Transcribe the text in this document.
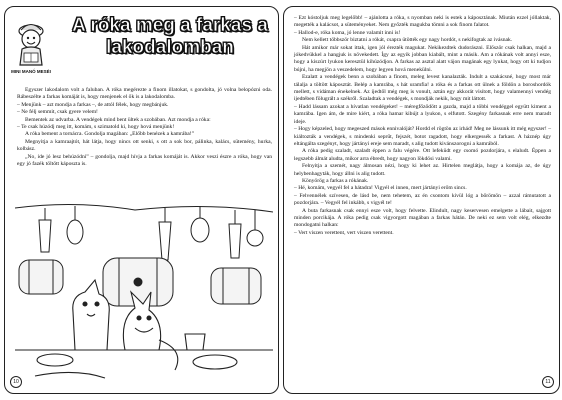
MINI MANÓ MESÉI
A róka meg a farkas a lakodalomban

Egyszer lakodalom volt a faluban. A róka megérezte a finom illatokat, s gondolta, jó volna belopózni oda. Rábeszélte a farkas komáját is, hogy menjenek el ők is a lakodalomba.

– Menjünk – azt mondja a farkas –, de attól félek, hogy megbánjuk.

– Ne félj semmit, csak gyere velem!

Bementek az udvarba. A vendégek mind bent ültek a szobában. Azt mondja a róka:

– Te csak húzódj meg itt, komám, s szimatold ki, hogy hová menjünk!

A róka bement a tornácra. Gondolja magában: „Előbb benézek a kamrába!”

Megnyitja a kamraajtót, hát látja, hogy nincs ott senki, s ott a sok bor, pálinka, kalács, sütemény, hurka, kolbász.

„No, ide jó lesz behúzódni” – gondolja, majd hívja a farkas komáját is. Akkor veszi észre a róka, hogy van egy jó fazék töltött káposzta is.

10

– Ezt kóstoljuk meg legelőbb! – ajánlotta a róka, s nyomban neki is estek a káposztának. Miután ezzel jóllaktak, megették a kalácsot, a süteményeket. Nem győzték magukba tömni a sok finom falatot.

– Hallod-e, róka koma, jó lenne valamit inni is!

Nem kellett többször biztatni a rókát, csapra ütötték egy nagy hordót, s nekifogtak az ivásnak.

Hát amikor már sokat ittak, igen jól érezték magukat. Nekikezdtek dudorászni. Először csak halkan, majd a jókedvükkel a hangjuk is növekedett. Így az egyik jobban kiabált, mint a másik. Am a rókának volt annyi esze, hogy a kiszúrt lyukon keresztül kihúzódjon. A farkas az asztal alatt vájon magának egy lyukat, hogy ott ki tudjon bújni, ha megjön a veszedelem, hogy legyen hová menekülni.

Ezalatt a vendégek benn a szobában a finom, meleg levest kanalazták. Indult a szakácsné, hogy most már tálalja a töltött káposztát. Belép a kamrába, s hát uramfia! a róka és a farkas ott ülnek a földön a boroshordók mellett, s vidáman énekelnek. Az ijedtől még meg is vonult, aztán egy akkorát visított, hogy valamennyi vendég ijedtében fölugrált a székről. Szaladtak a vendégek, s mondják nekik, hogy mit láttott.

– Hadd lássam azokat a hívatlan vendégeket! – méregfőződött a gazda, majd a többi vendéggel együtt kiment a kamrába. Igen ám, de mire kiért, a róka hamar kibújt a lyukon, s elfutott. Szegény farkasnak erre nem maradt ideje.

– Hogy képzeled, hogy megeszed mások ennivalóját? Hordd el rögtön az irhád! Meg ne lássunk itt még egyszer! – kiáltozták a vendégek, s mindenki seprűt, fejszét, botot ragadott, hogy elkergessék a farkast. A háznép úgy eltángálta szegényt, hogy jártányi ereje sem maradt, s alig tudott kivánszorogni a kamrából.

A róka pedig szaladt, szaladt éppen a falu végére. Ott lefeküdt egy csomó pozdorjára, s elaludt. Éppen a legszebb álmát aludta, mikor arra ébredt, hogy nagyon lökdösi valami.

Felnyitja a szemét, nagy álmosan nézi, hogy ki lehet az. Hirtelen meglátja, hogy a komája az, de úgy helybenhagyták, hogy állni is alig tudott.

Könyörög a farkas a rókának.

– Hé, komám, vegyél fel a hátadra! Vigyél el innen, mert jártányi erőm sincs.

– Felvennélek szívesen, de lásd be, nem tehetem, az én csontom kivül lóg a bőrömön – azzal rámutatott a pozdorjára. – Vegyél fel inkább, s vigyél te!

A buta farkasnak csak ennyi esze volt, hogy felvette. Elindult, nagy keservesen emelgette a lábait, sajgott minden porcikája. A róka pedig csak vigyorgott magában a farkas hátán. De neki ez sem volt elég, elkezdte mondogatni halkan:

– Vert viszen verettent, vert viszen verettent.

11
